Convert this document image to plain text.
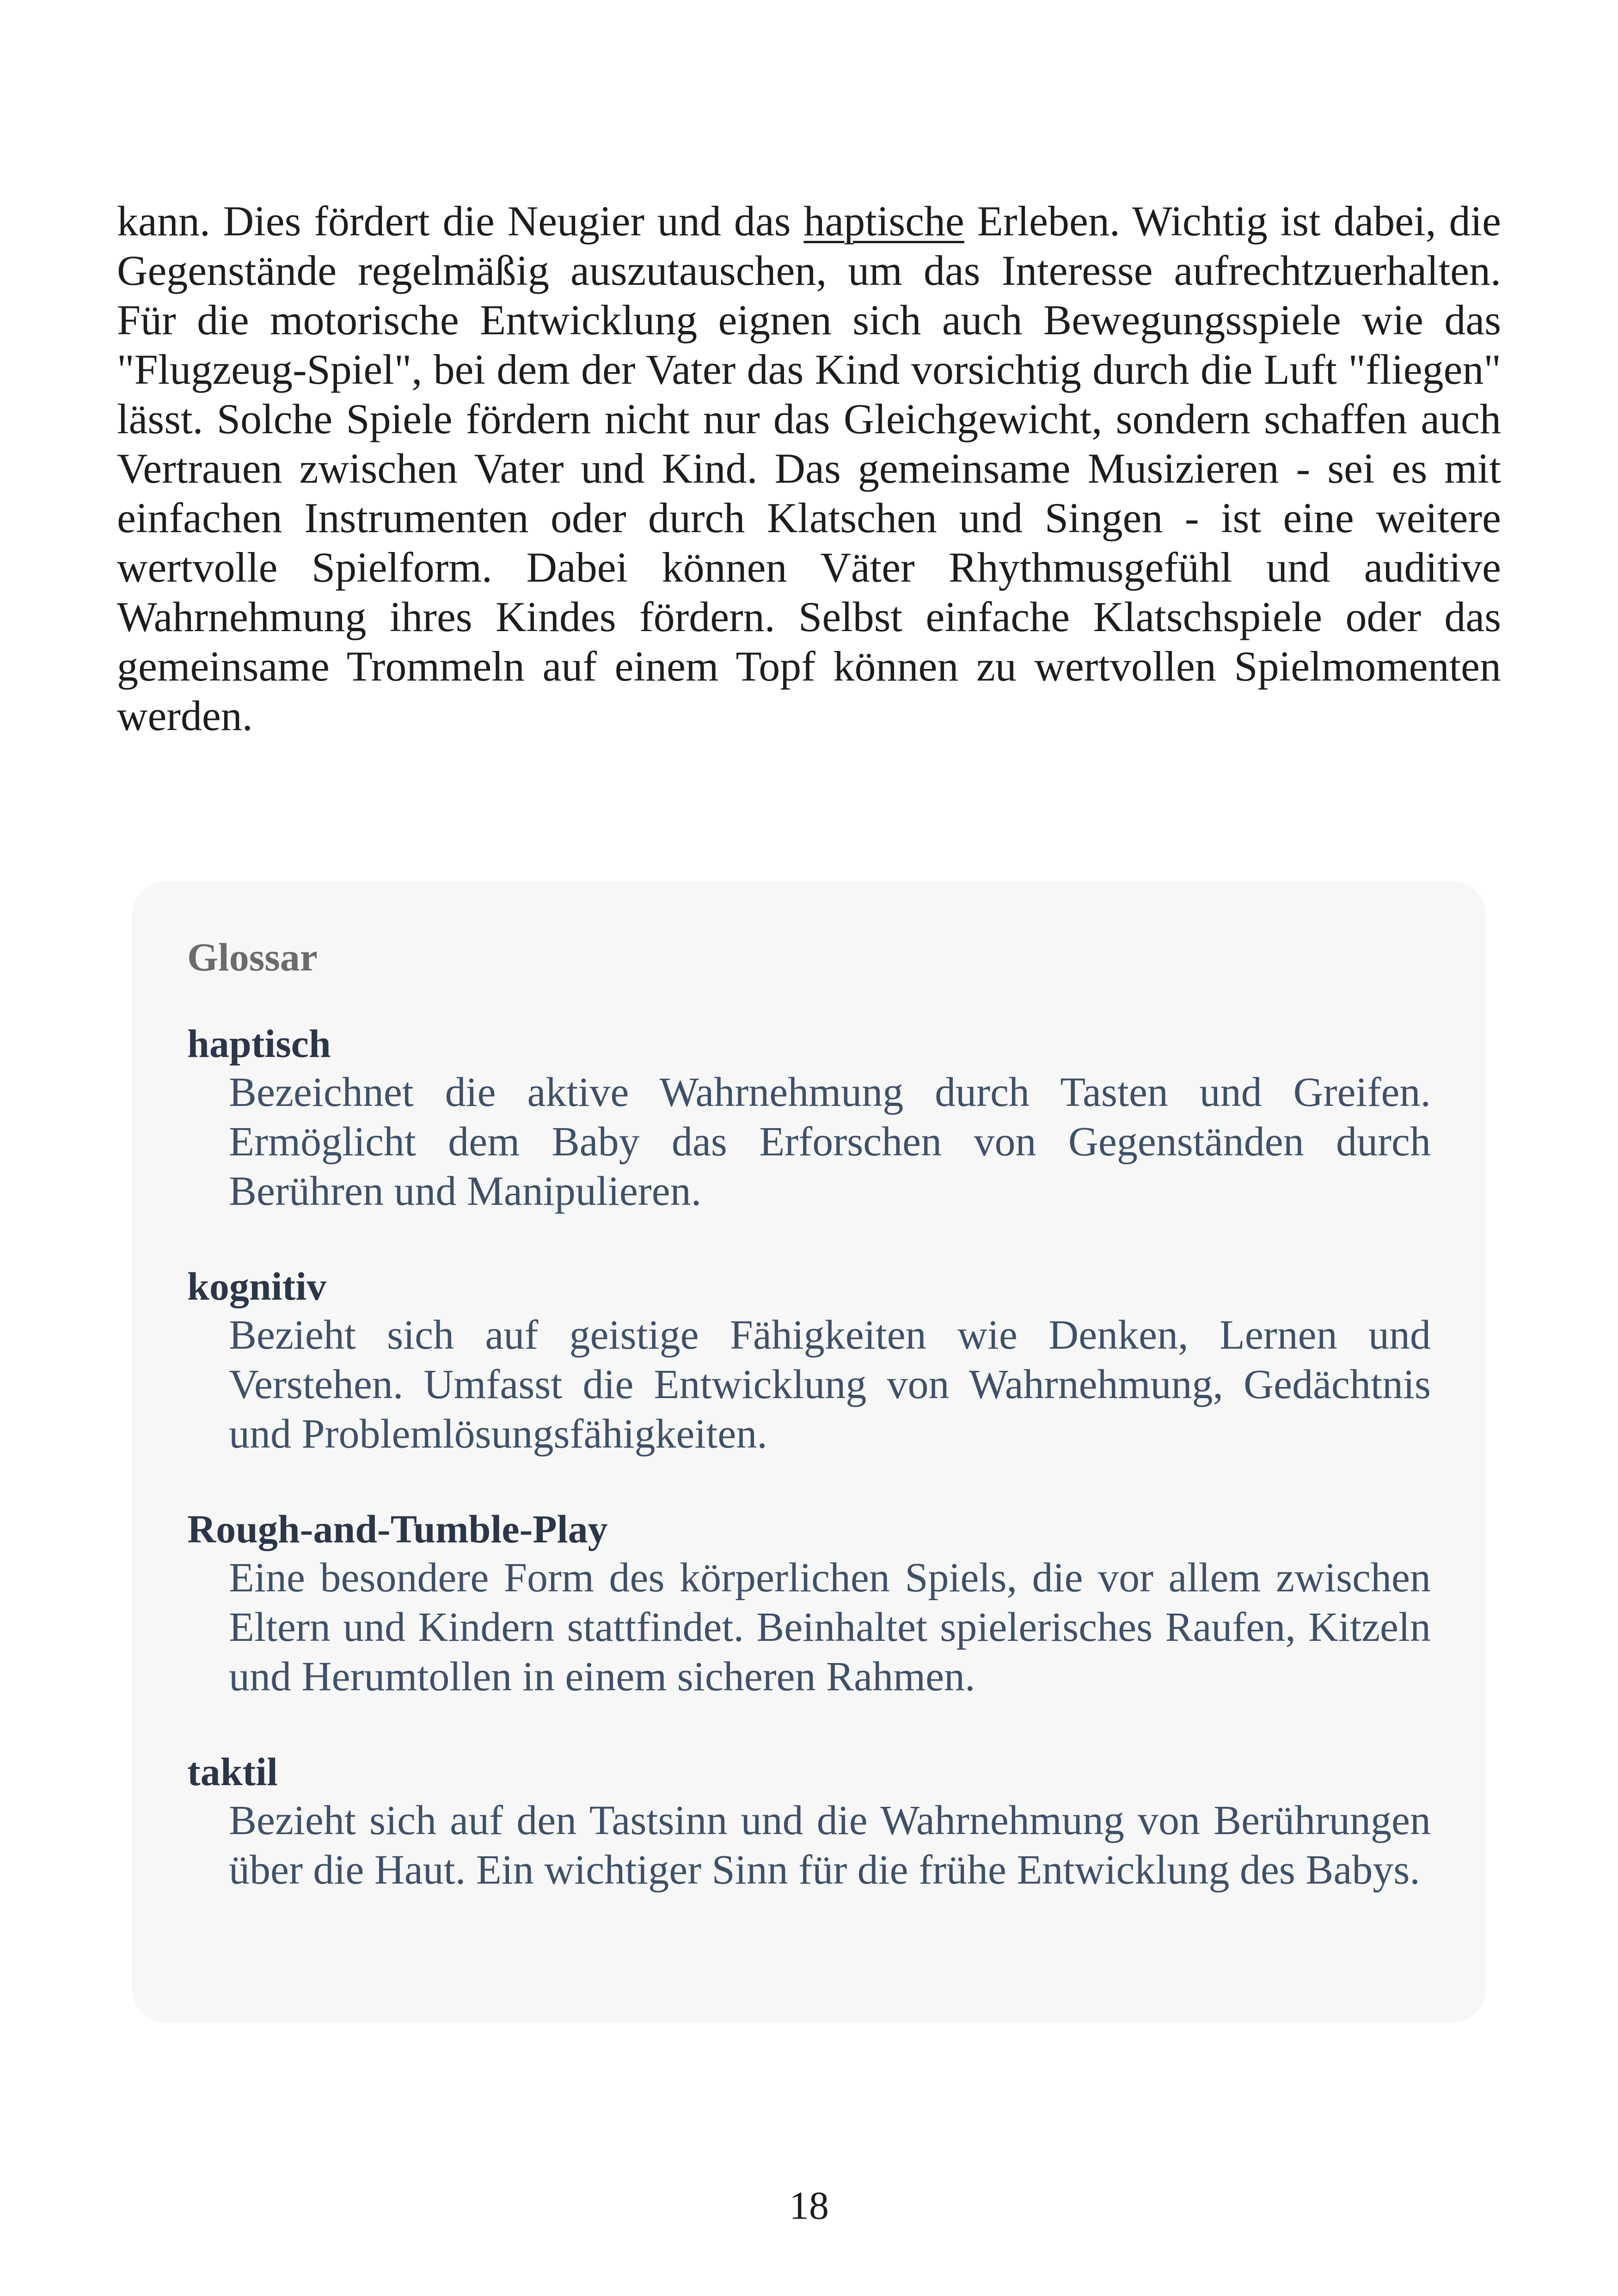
kann. Dies fördert die Neugier und das haptische Erleben. Wichtig ist dabei, die Gegenstände regelmäßig auszutauschen, um das Interesse aufrechtzuerhalten. Für die motorische Entwicklung eignen sich auch Bewegungsspiele wie das "Flugzeug-Spiel", bei dem der Vater das Kind vorsichtig durch die Luft "fliegen" lässt. Solche Spiele fördern nicht nur das Gleichgewicht, sondern schaffen auch Vertrauen zwischen Vater und Kind. Das gemeinsame Musizieren - sei es mit einfachen Instrumenten oder durch Klatschen und Singen - ist eine weitere wertvolle Spielform. Dabei können Väter Rhythmusgefühl und auditive Wahrnehmung ihres Kindes fördern. Selbst einfache Klatschspiele oder das gemeinsame Trommeln auf einem Topf können zu wertvollen Spielmomenten werden.

Glossar
haptisch
Bezeichnet die aktive Wahrnehmung durch Tasten und Greifen. Ermöglicht dem Baby das Erforschen von Gegenständen durch Berühren und Manipulieren.
kognitiv
Bezieht sich auf geistige Fähigkeiten wie Denken, Lernen und Verstehen. Umfasst die Entwicklung von Wahrnehmung, Gedächtnis und Problemlösungsfähigkeiten.
Rough-and-Tumble-Play
Eine besondere Form des körperlichen Spiels, die vor allem zwischen Eltern und Kindern stattfindet. Beinhaltet spielerisches Raufen, Kitzeln und Herumtollen in einem sicheren Rahmen.
taktil
Bezieht sich auf den Tastsinn und die Wahrnehmung von Berührungen über die Haut. Ein wichtiger Sinn für die frühe Entwicklung des Babys.
18
